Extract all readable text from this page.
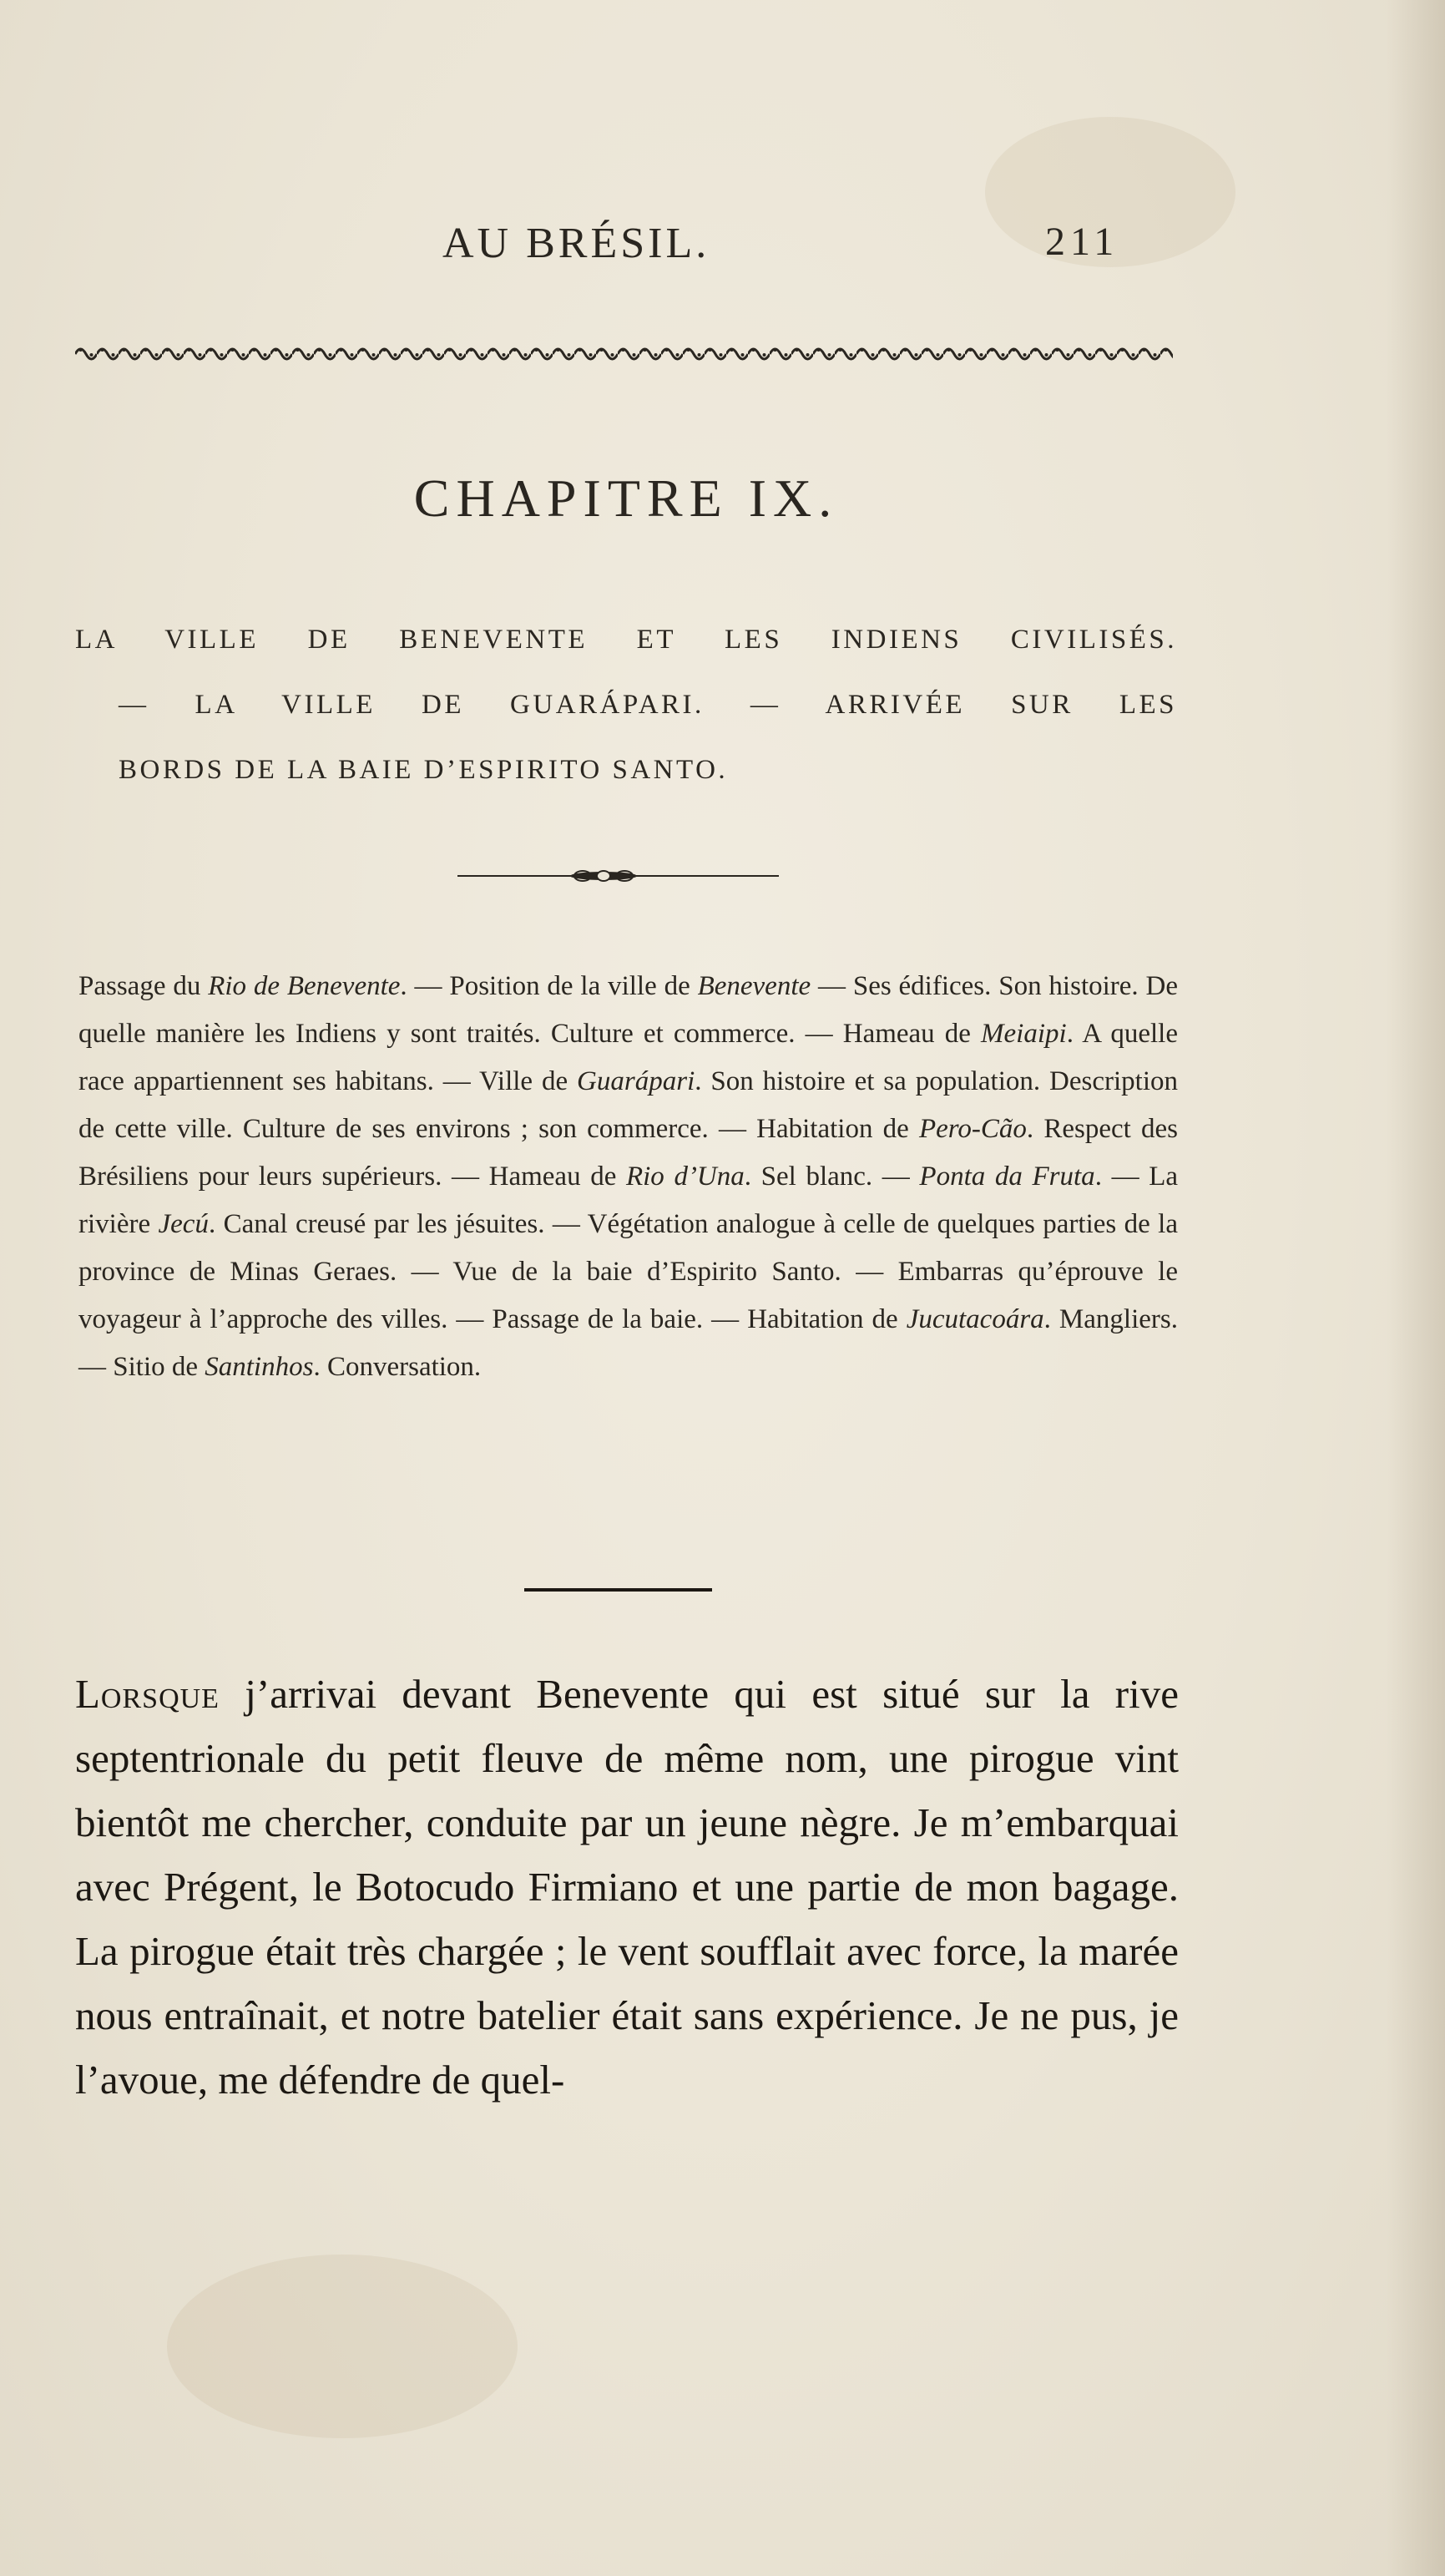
AU BRÉSIL.	211
CHAPITRE IX.
LA VILLE DE BENEVENTE ET LES INDIENS CIVILISÉS.
— LA VILLE DE GUARÁPARI. — ARRIVÉE SUR LES
BORDS DE LA BAIE D’ESPIRITO SANTO.

Passage du Rio de Benevente. — Position de la ville de Benevente — Ses édifices. Son histoire. De quelle manière les Indiens y sont traités. Culture et commerce. — Hameau de Meiaipi. A quelle race appartiennent ses habitans. — Ville de Guarápari. Son histoire et sa population. Description de cette ville. Culture de ses environs ; son commerce. — Habitation de Pero-Cão. Respect des Brésiliens pour leurs supérieurs. — Hameau de Rio d’Una. Sel blanc. — Ponta da Fruta. — La rivière Jecú. Canal creusé par les jésuites. — Végétation analogue à celle de quelques parties de la province de Minas Geraes. — Vue de la baie d’Espirito Santo. — Embarras qu’éprouve le voyageur à l’approche des villes. — Passage de la baie. — Habitation de Jucutacoára. Mangliers. — Sitio de Santinhos. Conversation.

Lorsque j’arrivai devant Benevente qui est situé sur la rive septentrionale du petit fleuve de même nom, une pirogue vint bientôt me chercher, conduite par un jeune nègre. Je m’embarquai avec Prégent, le Botocudo Firmiano et une partie de mon bagage. La pirogue était très chargée ; le vent soufflait avec force, la marée nous entraînait, et notre batelier était sans expérience. Je ne pus, je l’avoue, me défendre de quel-
